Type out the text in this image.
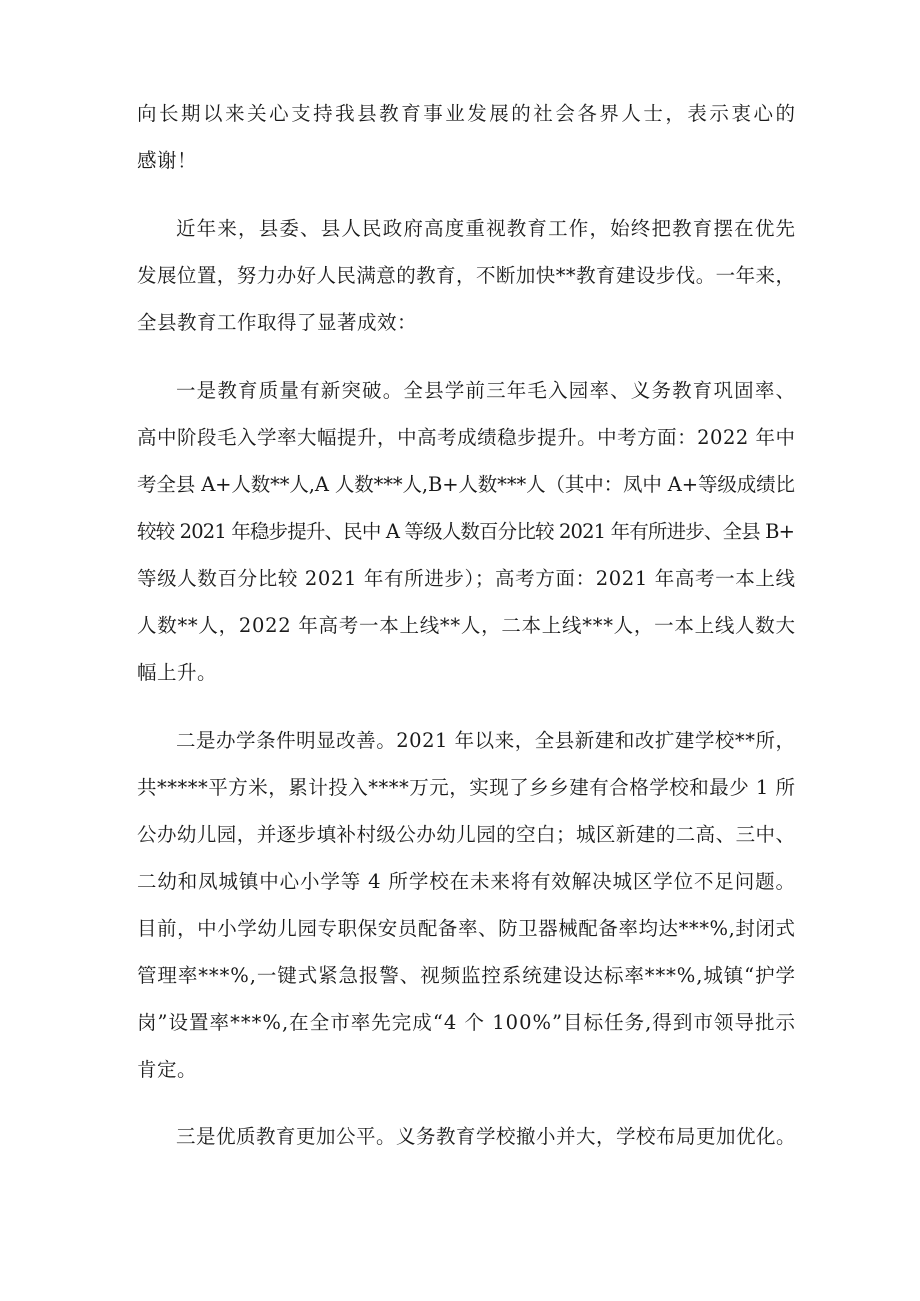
向长期以来关心支持我县教育事业发展的社会各界人士，表示衷心的
感谢！
近年来，县委、县人民政府高度重视教育工作，始终把教育摆在优先
发展位置，努力办好人民满意的教育，不断加快**教育建设步伐。一年来，
全县教育工作取得了显著成效：
一是教育质量有新突破。全县学前三年毛入园率、义务教育巩固率、
高中阶段毛入学率大幅提升，中高考成绩稳步提升。中考方面：2022 年中
考全县 A+人数**人,A 人数***人,B+人数***人（其中：凤中 A+等级成绩比
较较 2021 年稳步提升、民中 A 等级人数百分比较 2021 年有所进步、全县 B+
等级人数百分比较 2021 年有所进步）；高考方面：2021 年高考一本上线
人数**人，2022 年高考一本上线**人，二本上线***人，一本上线人数大
幅上升。
二是办学条件明显改善。2021 年以来，全县新建和改扩建学校**所，
共*****平方米，累计投入****万元，实现了乡乡建有合格学校和最少 1 所
公办幼儿园，并逐步填补村级公办幼儿园的空白；城区新建的二高、三中、
二幼和凤城镇中心小学等 4 所学校在未来将有效解决城区学位不足问题。
目前，中小学幼儿园专职保安员配备率、防卫器械配备率均达***%,封闭式
管理率***%,一键式紧急报警、视频监控系统建设达标率***%,城镇“护学
岗”设置率***%,在全市率先完成“4 个 100%”目标任务,得到市领导批示
肯定。
三是优质教育更加公平。义务教育学校撤小并大，学校布局更加优化。
